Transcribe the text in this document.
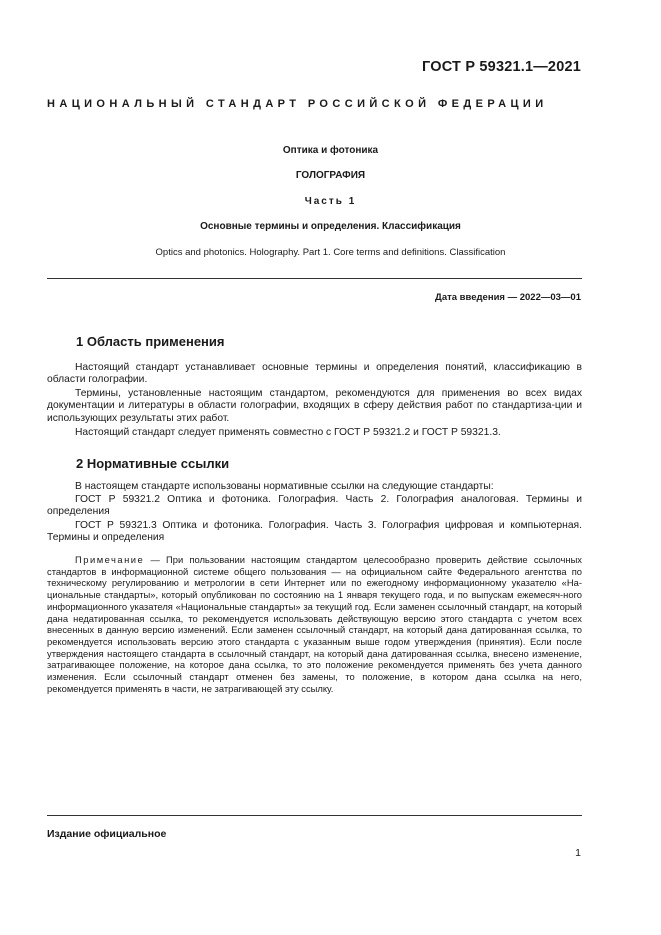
ГОСТ Р 59321.1—2021
НАЦИОНАЛЬНЫЙ СТАНДАРТ РОССИЙСКОЙ ФЕДЕРАЦИИ
Оптика и фотоника
ГОЛОГРАФИЯ
Часть 1
Основные термины и определения. Классификация
Optics and photonics. Holography. Part 1. Core terms and definitions. Classification
Дата введения — 2022—03—01
1 Область применения

Настоящий стандарт устанавливает основные термины и определения понятий, классификацию в области голографии.

Термины, установленные настоящим стандартом, рекомендуются для применения во всех видах документации и литературы в области голографии, входящих в сферу действия работ по стандартиза-ции и использующих результаты этих работ.

Настоящий стандарт следует применять совместно с ГОСТ Р 59321.2 и ГОСТ Р 59321.3.

2 Нормативные ссылки

В настоящем стандарте использованы нормативные ссылки на следующие стандарты:

ГОСТ Р 59321.2 Оптика и фотоника. Голография. Часть 2. Голография аналоговая. Термины и определения

ГОСТ Р 59321.3 Оптика и фотоника. Голография. Часть 3. Голография цифровая и компьютерная. Термины и определения

Примечание — При пользовании настоящим стандартом целесообразно проверить действие ссылочных стандартов в информационной системе общего пользования — на официальном сайте Федерального агентства по техническому регулированию и метрологии в сети Интернет или по ежегодному информационному указателю «На-циональные стандарты», который опубликован по состоянию на 1 января текущего года, и по выпускам ежемесяч-ного информационного указателя «Национальные стандарты» за текущий год. Если заменен ссылочный стандарт, на который дана недатированная ссылка, то рекомендуется использовать действующую версию этого стандарта с учетом всех внесенных в данную версию изменений. Если заменен ссылочный стандарт, на который дана датированная ссылка, то рекомендуется использовать версию этого стандарта с указанным выше годом утверждения (принятия). Если после утверждения настоящего стандарта в ссылочный стандарт, на который дана датированная ссылка, внесено изменение, затрагивающее положение, на которое дана ссылка, то это положение рекомендуется применять без учета данного изменения. Если ссылочный стандарт отменен без замены, то положение, в котором дана ссылка на него, рекомендуется применять в части, не затрагивающей эту ссылку.

Издание официальное
1
